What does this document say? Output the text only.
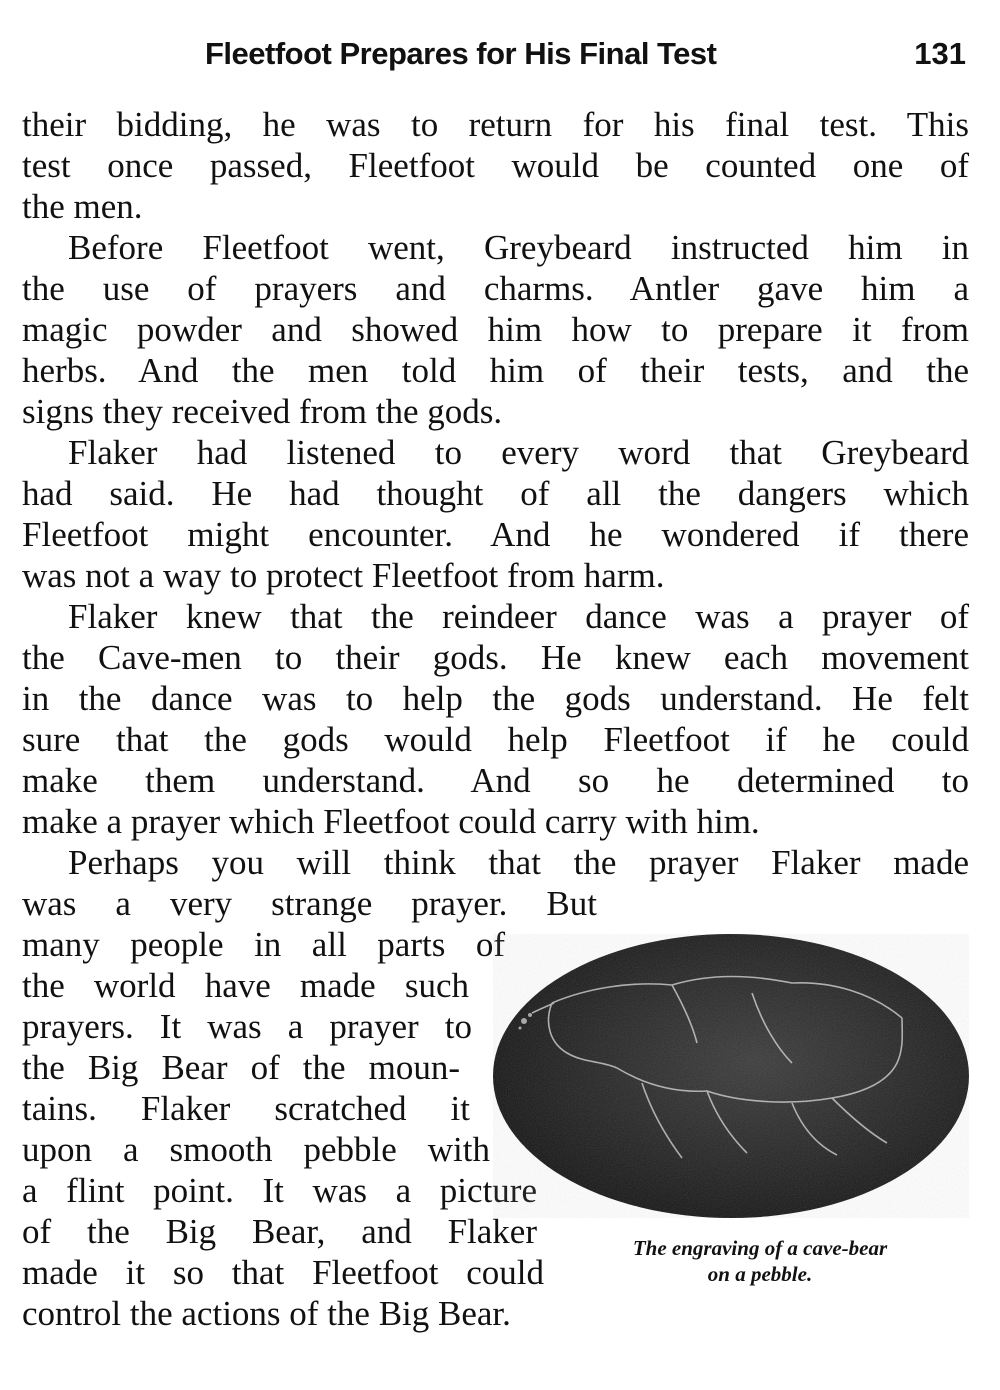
Fleetfoot Prepares for His Final Test	131
their bidding, he was to return for his final test. This
test once passed, Fleetfoot would be counted one of
the men.
Before Fleetfoot went, Greybeard instructed him in
the use of prayers and charms. Antler gave him a
magic powder and showed him how to prepare it from
herbs. And the men told him of their tests, and the
signs they received from the gods.
Flaker had listened to every word that Greybeard
had said. He had thought of all the dangers which
Fleetfoot might encounter. And he wondered if there
was not a way to protect Fleetfoot from harm.
Flaker knew that the reindeer dance was a prayer of
the Cave-men to their gods. He knew each movement
in the dance was to help the gods understand. He felt
sure that the gods would help Fleetfoot if he could
make them understand. And so he determined to
make a prayer which Fleetfoot could carry with him.
Perhaps you will think that the prayer Flaker made
was a very strange prayer. But
many people in all parts of
the world have made such
prayers. It was a prayer to
the Big Bear of the moun-
tains. Flaker scratched it
upon a smooth pebble with
a flint point. It was a picture
of the Big Bear, and Flaker
made it so that Fleetfoot could
control the actions of the Big Bear.
The engraving of a cave-bear
on a pebble.
